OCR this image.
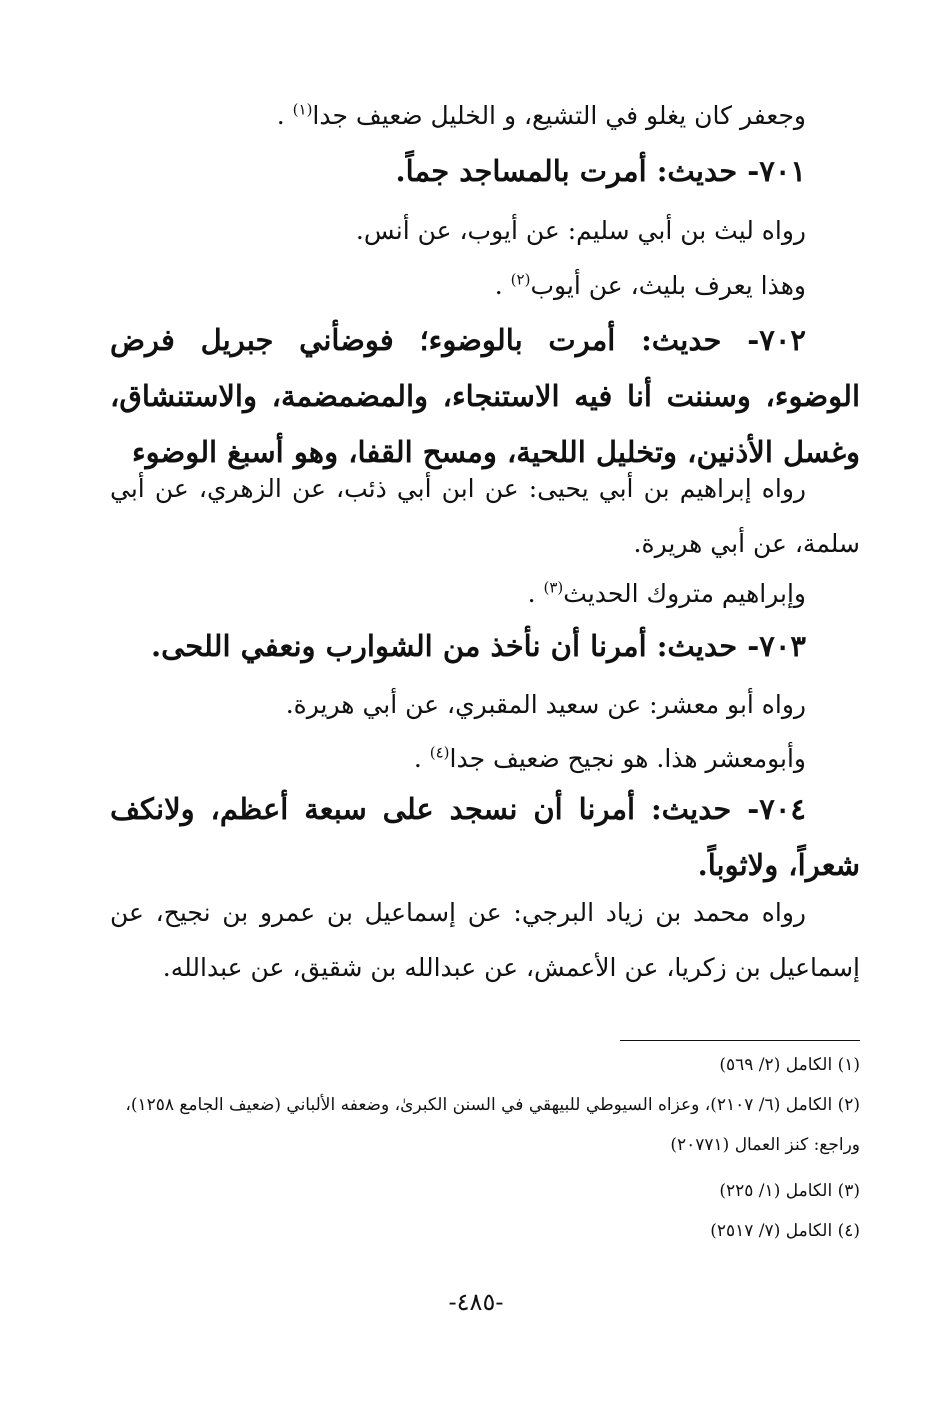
وجعفر كان يغلو في التشيع، و الخليل ضعيف جدا$^{(١)}$ .
٧٠١- حديث: أمرت بالمساجد جماً.
رواه ليث بن أبي سليم: عن أيوب، عن أنس.
وهذا يعرف بليث، عن أيوب$^{(٢)}$ .
٧٠٢- حديث: أمرت بالوضوء؛ فوضأني جبريل فرض الوضوء، وسننت أنا فيه الاستنجاء، والمضمضمة، والاستنشاق، وغسل الأذنين، وتخليل اللحية، ومسح القفا، وهو أسبغ الوضوء
رواه إبراهيم بن أبي يحيى: عن ابن أبي ذئب، عن الزهري، عن أبي سلمة، عن أبي هريرة.
وإبراهيم متروك الحديث$^{(٣)}$ .
٧٠٣- حديث: أمرنا أن نأخذ من الشوارب ونعفي اللحى.
رواه أبو معشر: عن سعيد المقبري، عن أبي هريرة.
وأبومعشر هذا. هو نجيح ضعيف جدا$^{(٤)}$ .
٧٠٤- حديث: أمرنا أن نسجد على سبعة أعظم، ولانكف شعراً، ولاثوباً.
رواه محمد بن زياد البرجي: عن إسماعيل بن عمرو بن نجيح، عن إسماعيل بن زكريا، عن الأعمش، عن عبدالله بن شقيق، عن عبدالله.
(١) الكامل (٢/ ٥٦٩)
(٢) الكامل (٦/ ٢١٠٧)، وعزاه السيوطي للبيهقي في السنن الكبرىٰ، وضعفه الألباني (ضعيف الجامع ١٢٥٨)، وراجع: كنز العمال (٢٠٧٧١)
(٣) الكامل (١/ ٢٢٥)
(٤) الكامل (٧/ ٢٥١٧)
-٤٨٥-
